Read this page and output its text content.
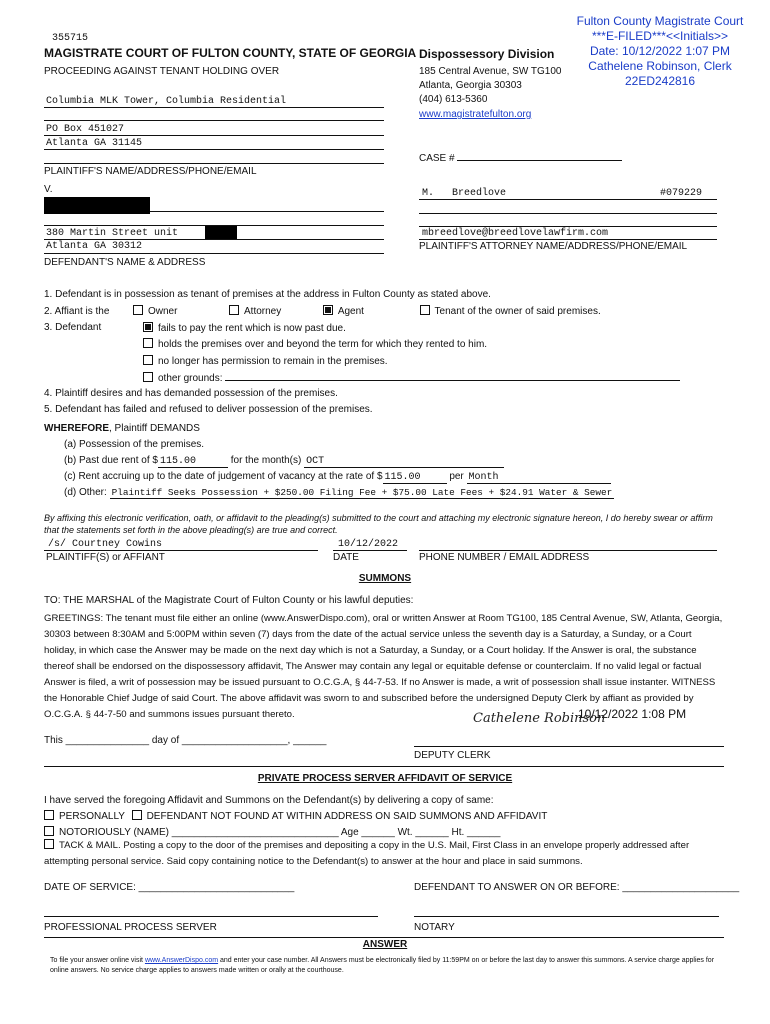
Fulton County Magistrate Court
***E-FILED***<<Initials>>
Date: 10/12/2022 1:07 PM
Cathelene Robinson, Clerk
22ED242816
355715
MAGISTRATE COURT OF FULTON COUNTY, STATE OF GEORGIA
PROCEEDING AGAINST TENANT HOLDING OVER
Dispossessory Division
185 Central Avenue, SW TG100
Atlanta, Georgia 30303
(404) 613-5360
www.magistratefulton.org
Columbia MLK Tower, Columbia Residential
PO Box 451027
Atlanta GA 31145
PLAINTIFF'S NAME/ADDRESS/PHONE/EMAIL
CASE #
V.
380 Martin Street unit
Atlanta GA 30312
DEFENDANT'S NAME & ADDRESS
M.   Breedlove	#079229
mbreedlove@breedlovelawfirm.com
PLAINTIFF'S ATTORNEY NAME/ADDRESS/PHONE/EMAIL
1. Defendant is in possession as tenant of premises at the address in Fulton County as stated above.
2. Affiant is the	Owner	Attorney	Agent	Tenant of the owner of said premises.
3. Defendant	fails to pay the rent which is now past due.
holds the premises over and beyond the term for which they rented to him.
no longer has permission to remain in the premises.
other grounds:
4. Plaintiff desires and has demanded possession of the premises.
5. Defendant has failed and refused to deliver possession of the premises.
WHEREFORE, Plaintiff DEMANDS
(a) Possession of the premises.
(b) Past due rent of $ 115.00	for the month(s) OCT
(c) Rent accruing up to the date of judgement of vacancy at the rate of $ 115.00	per Month
(d) Other: Plaintiff Seeks Possession + $250.00 Filing Fee + $75.00 Late Fees + $24.91 Water & Sewer
By affixing this electronic verification, oath, or affidavit to the pleading(s) submitted to the court and attaching my electronic signature hereon, I do hereby swear or affirm that the statements set forth in the above pleading(s) are true and correct.
/s/ Courtney Cowins	10/12/2022
PLAINTIFF(S) or AFFIANT	DATE	PHONE NUMBER / EMAIL ADDRESS
SUMMONS
TO: THE MARSHAL of the Magistrate Court of Fulton County or his lawful deputies:
GREETINGS: The tenant must file either an online (www.AnswerDispo.com), oral or written Answer at Room TG100, 185 Central Avenue, SW, Atlanta, Georgia, 30303 between 8:30AM and 5:00PM within seven (7) days from the date of the actual service unless the seventh day is a Saturday, a Sunday, or a Court holiday, in which case the Answer may be made on the next day which is not a Saturday, a Sunday, or a Court holiday. If the Answer is oral, the substance thereof shall be endorsed on the dispossessory affidavit, The Answer may contain any legal or equitable defense or counterclaim. If no valid legal or factual Answer is filed, a writ of possession may be issued pursuant to O.C.G.A, § 44-7-53. If no Answer is made, a writ of possession shall issue instanter. WITNESS the Honorable Chief Judge of said Court. The above affidavit was sworn to and subscribed before the undersigned Deputy Clerk by affiant as provided by O.C.G.A. § 44-7-50 and summons issues pursuant thereto.	10/12/2022 1:08 PM
Cathelene Robinson
This _______________ day of ___________________, ______
DEPUTY CLERK
PRIVATE PROCESS SERVER AFFIDAVIT OF SERVICE
I have served the foregoing Affidavit and Summons on the Defendant(s) by delivering a copy of same:
PERSONALLY DEFENDANT NOT FOUND AT WITHIN ADDRESS ON SAID SUMMONS AND AFFIDAVIT
NOTORIOUSLY (NAME) ______________________________ Age ______ Wt. ______ Ht. ______
TACK & MAIL. Posting a copy to the door of the premises and depositing a copy in the U.S. Mail, First Class in an envelope properly addressed after attempting personal service. Said copy containing notice to the Defendant(s) to answer at the hour and place in said summons.
DATE OF SERVICE: ____________________________	DEFENDANT TO ANSWER ON OR BEFORE: _____________________
PROFESSIONAL PROCESS SERVER	NOTARY
ANSWER
To file your answer online visit www.AnswerDispo.com and enter your case number. All Answers must be electronically filed by 11:59PM on or before the last day to answer this summons. A service charge applies for online answers. No service charge applies to answers made written or orally at the courthouse.
